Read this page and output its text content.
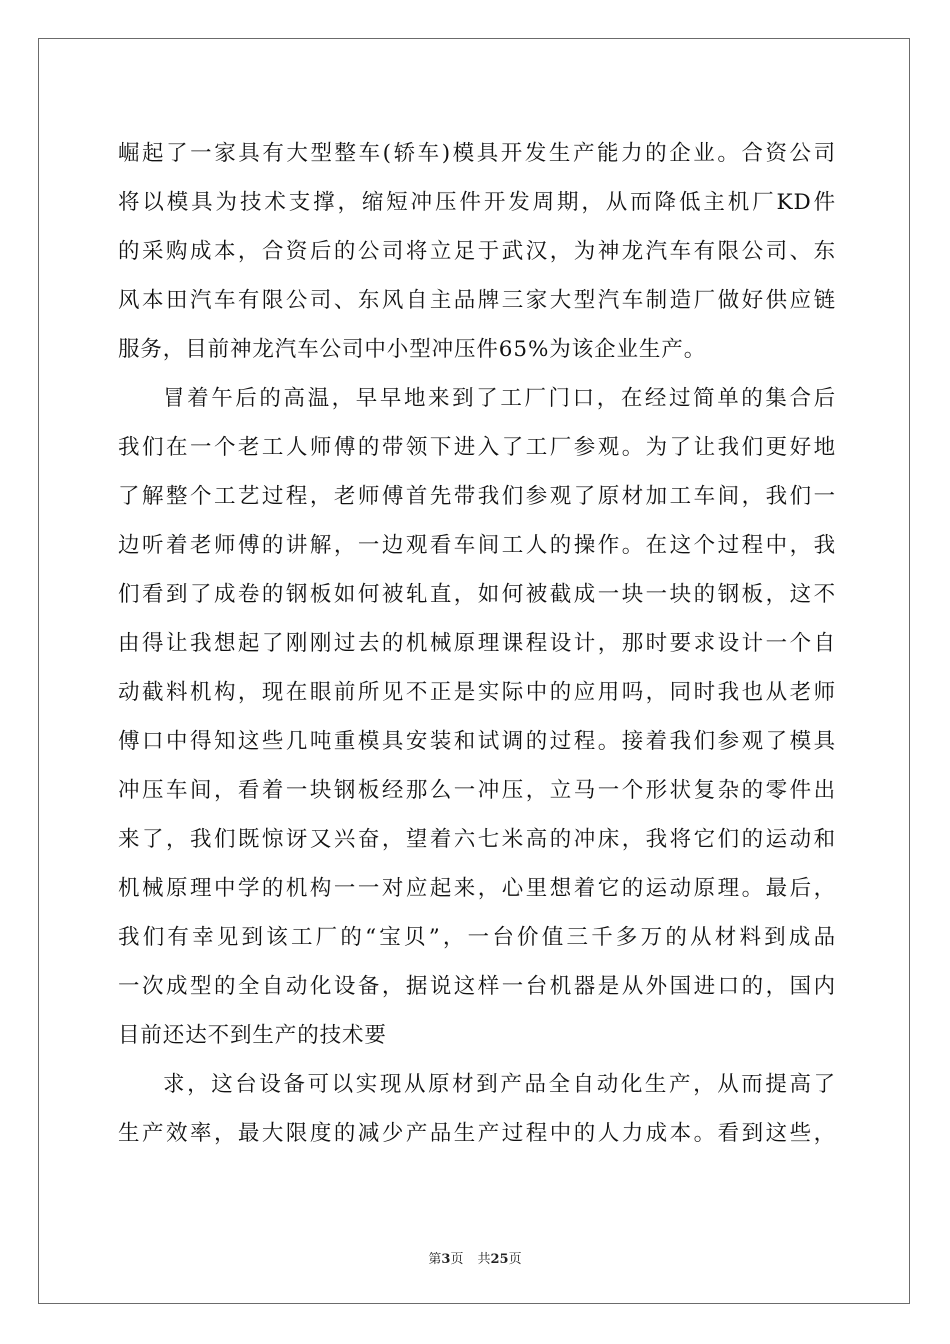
崛起了一家具有大型整车(轿车)模具开发生产能力的企业。合资公司
将以模具为技术支撑，缩短冲压件开发周期，从而降低主机厂KD件
的采购成本，合资后的公司将立足于武汉，为神龙汽车有限公司、东
风本田汽车有限公司、东风自主品牌三家大型汽车制造厂做好供应链
服务，目前神龙汽车公司中小型冲压件65%为该企业生产。
冒着午后的高温，早早地来到了工厂门口，在经过简单的集合后
我们在一个老工人师傅的带领下进入了工厂参观。为了让我们更好地
了解整个工艺过程，老师傅首先带我们参观了原材加工车间，我们一
边听着老师傅的讲解，一边观看车间工人的操作。在这个过程中，我
们看到了成卷的钢板如何被轧直，如何被截成一块一块的钢板，这不
由得让我想起了刚刚过去的机械原理课程设计，那时要求设计一个自
动截料机构，现在眼前所见不正是实际中的应用吗，同时我也从老师
傅口中得知这些几吨重模具安装和试调的过程。接着我们参观了模具
冲压车间，看着一块钢板经那么一冲压，立马一个形状复杂的零件出
来了，我们既惊讶又兴奋，望着六七米高的冲床，我将它们的运动和
机械原理中学的机构一一对应起来，心里想着它的运动原理。最后，
我们有幸见到该工厂的“宝贝”，一台价值三千多万的从材料到成品
一次成型的全自动化设备，据说这样一台机器是从外国进口的，国内
目前还达不到生产的技术要
求，这台设备可以实现从原材到产品全自动化生产，从而提高了
生产效率，最大限度的减少产品生产过程中的人力成本。看到这些，
第3页 共25页
